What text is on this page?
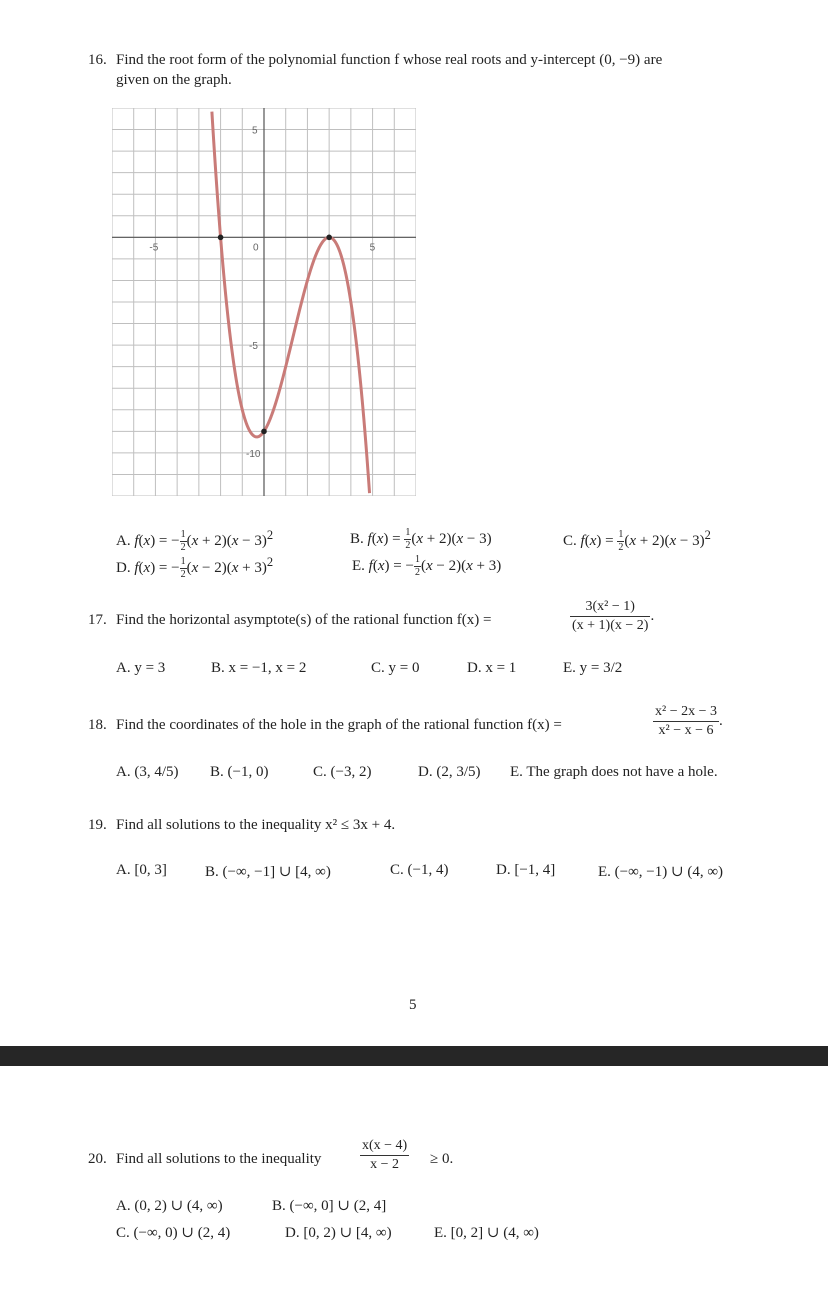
16. Find the root form of the polynomial function f whose real roots and y-intercept (0, −9) are
given on the graph.
-5	0	5
5
-5
-10
A. f(x) = − $\frac{1}{2} (x + 2)(x - 3)^2$	B. $f(x) = \frac{1}{2} (x + 2)(x - 3)$	C. $f(x) = \frac{1}{2} (x + 2)(x - 3)^2$
D. f(x) = − $\frac{1}{2} (x - 2)(x + 3)^2$	E. f(x) = − $\frac{1}{2} (x - 2)(x + 3)$
17. Find the horizontal asymptote(s) of the rational function f(x) =	$\frac{\text{3(x² − 1)}}{(x + 1)(x - 2)}$ .
A. y = 3	B. x = −1, x = 2	C. y = 0	D. x = 1	E. y = 3/2
18. Find the coordinates of the hole in the graph of the rational function f(x) =	$\frac{\text{x² − 2x − 3}}{\text{x² − x − 6}}$ .
A. (3, 4/5) B. (−1, 0)	C. (−3, 2)	D. (2, 3/5) E. The graph does not have a hole.
19. Find all solutions to the inequality x² ≤ 3x + 4.
A. [0, 3]	B. (−∞, −1] ∪ [4, ∞)	C. (−1, 4)	D. [−1, 4]	E. (−∞, −1) ∪ (4, ∞)
5
20. Find all solutions to the inequality	$\frac{x(x - 4)}{x - 2} \ge 0$.
A. (0, 2) ∪ (4, ∞)	B. (−∞, 0] ∪ (2, 4]
C. (−∞, 0) ∪ (2, 4)	D. [0, 2) ∪ [4, ∞)	E. [0, 2] ∪ (4, ∞)
